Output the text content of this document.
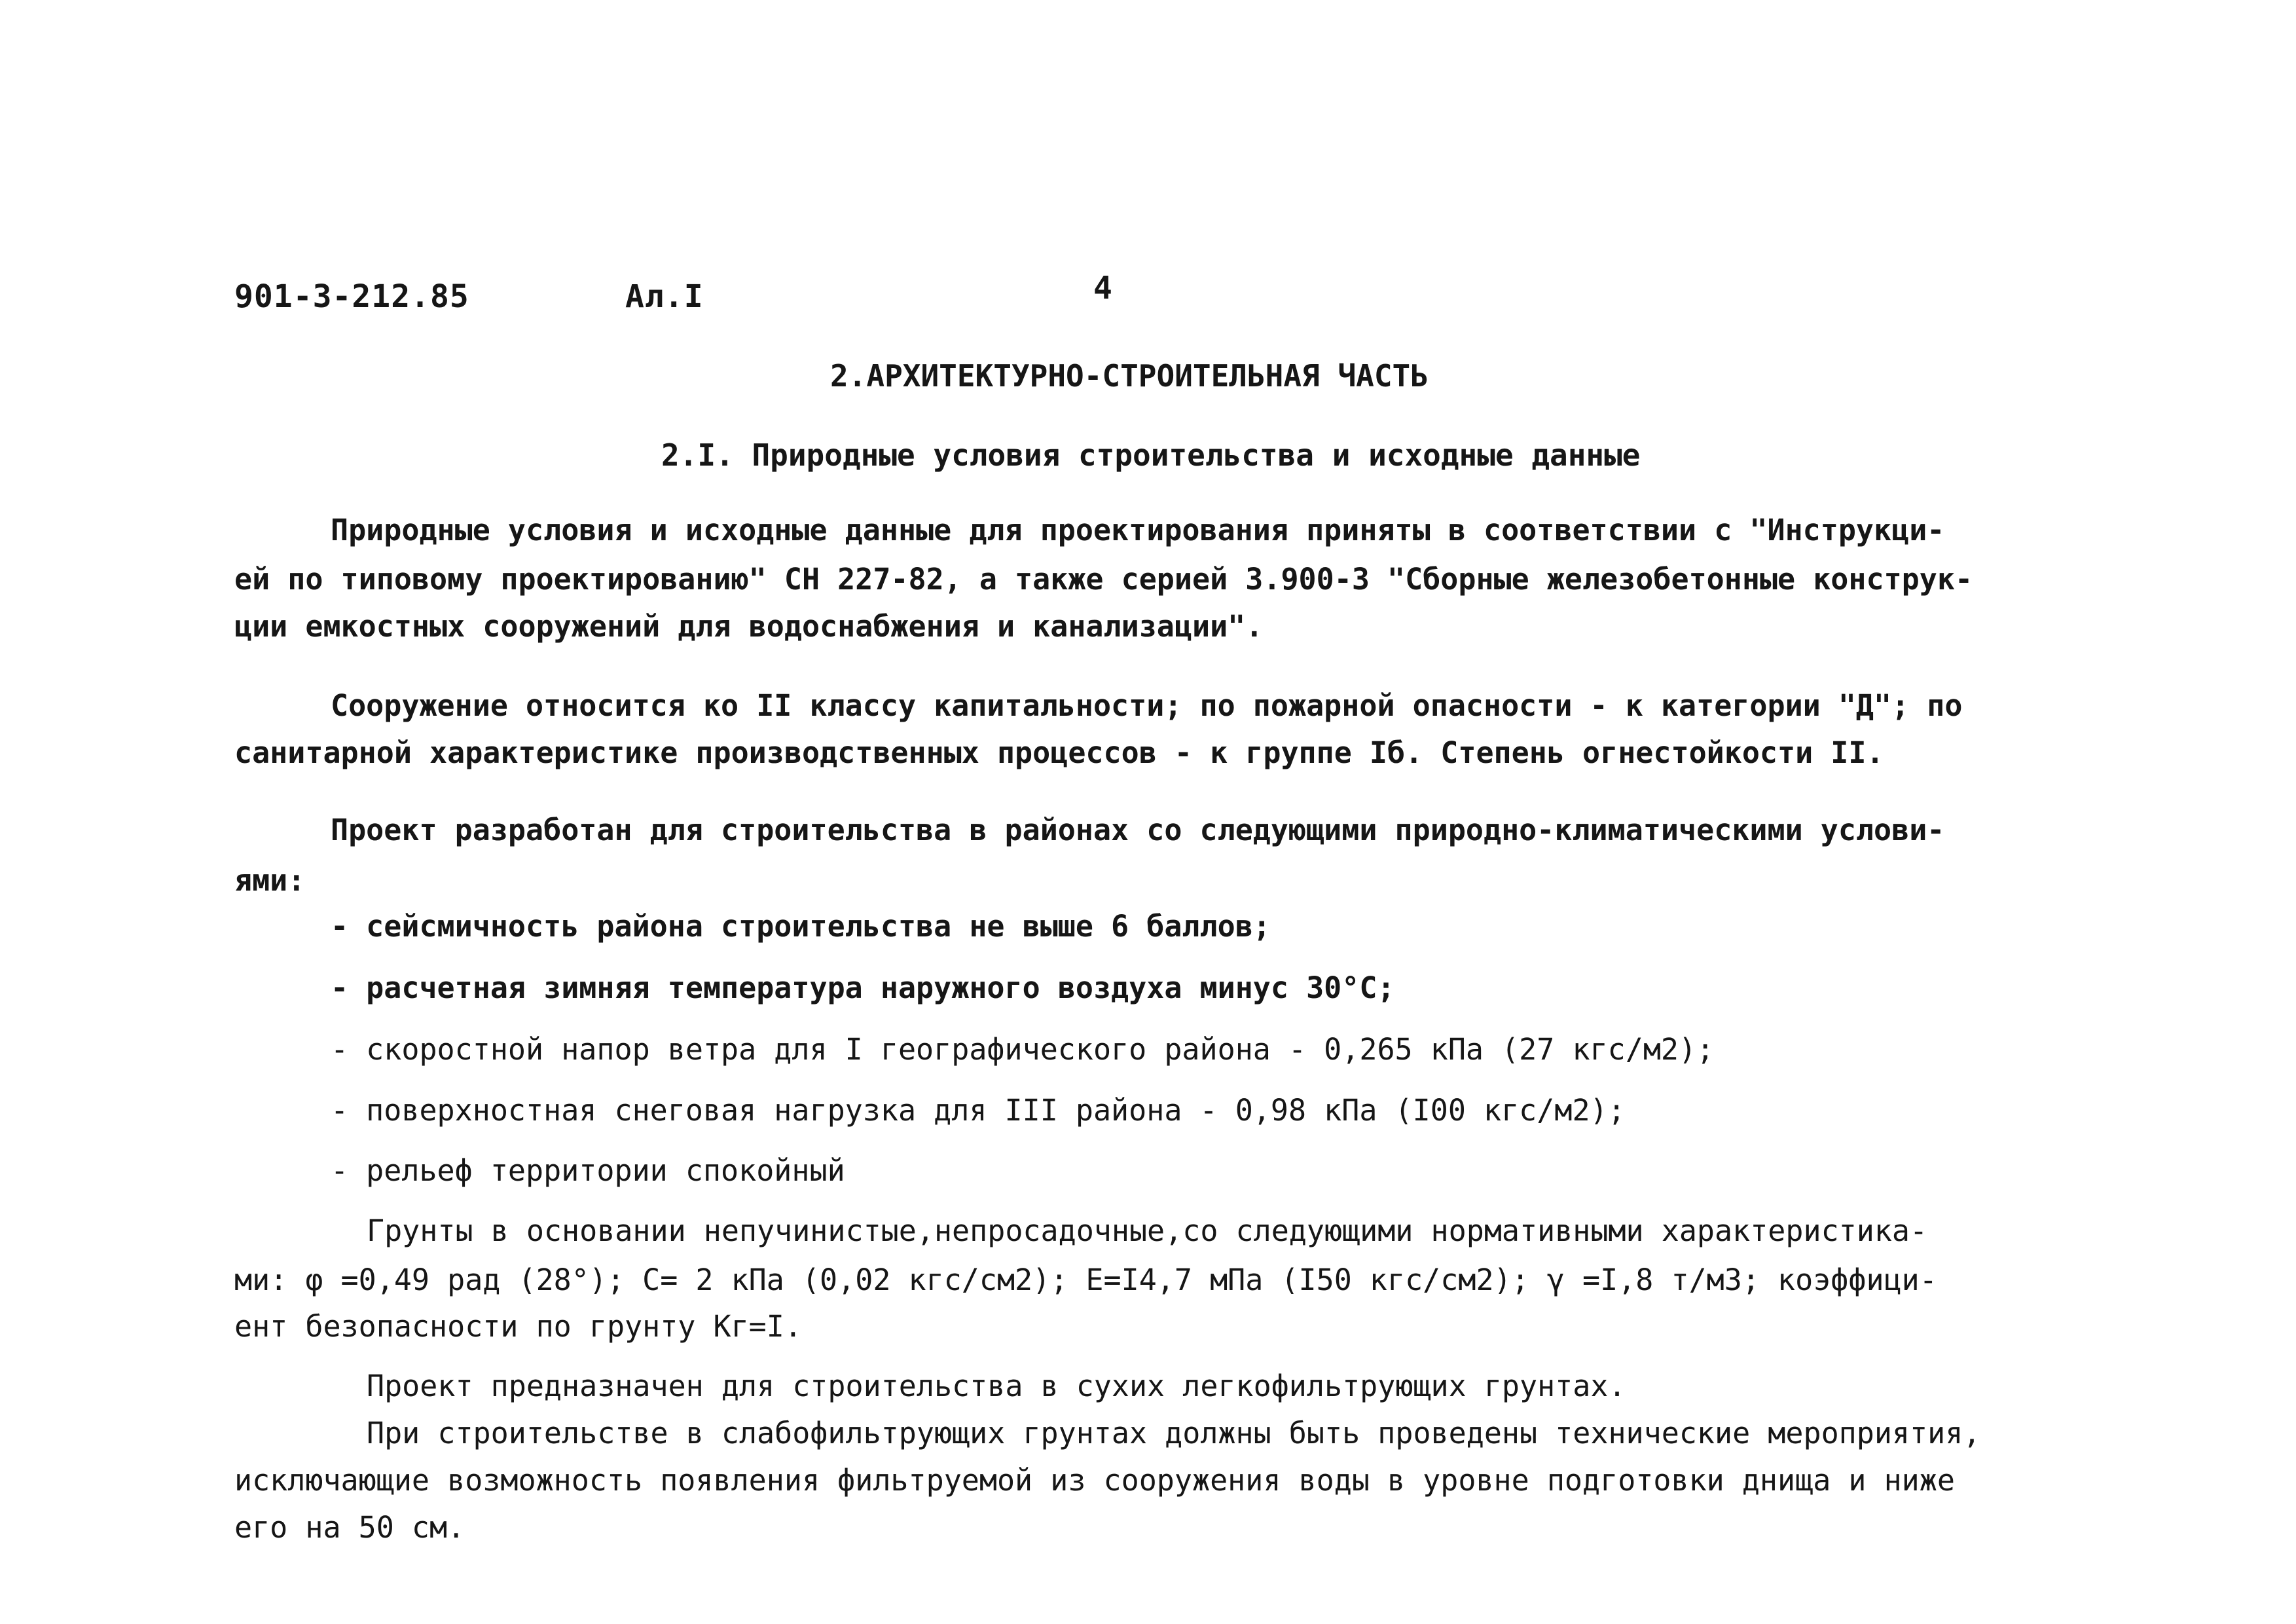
901-3-212.85	Ал.I	4
2.АРХИТЕКТУРНО-СТРОИТЕЛЬНАЯ ЧАСТЬ
2.I. Природные условия строительства и исходные данные
Природные условия и исходные данные для проектирования приняты в соответствии с "Инструкци-
ей по типовому проектированию" СН 227-82, а также серией 3.900-3 "Сборные железобетонные конструк-
ции емкостных сооружений для водоснабжения и канализации".
Сооружение относится ко II классу капитальности; по пожарной опасности - к категории "Д"; по
санитарной характеристике производственных процессов - к группе Iб. Степень огнестойкости II.
Проект разработан для строительства в районах со следующими природно-климатическими услови-
ями:
- сейсмичность района строительства не выше 6 баллов;
- расчетная зимняя температура наружного воздуха минус 30°С;
- скоростной напор ветра для I географического района - 0,265 кПа (27 кгс/м2);
- поверхностная снеговая нагрузка для III района - 0,98 кПа (I00 кгс/м2);
- рельеф территории спокойный
Грунты в основании непучинистые,непросадочные,со следующими нормативными характеристика-
ми: φ =0,49 рад (28°); С= 2 кПа (0,02 кгс/см2); Е=I4,7 мПа (I50 кгс/см2); γ =I,8 т/м3; коэффици-
ент безопасности по грунту Кг=I.
Проект предназначен для строительства в сухих легкофильтрующих грунтах.
При строительстве в слабофильтрующих грунтах должны быть проведены технические мероприятия,
исключающие возможность появления фильтруемой из сооружения воды в уровне подготовки днища и ниже
его на 50 см.
